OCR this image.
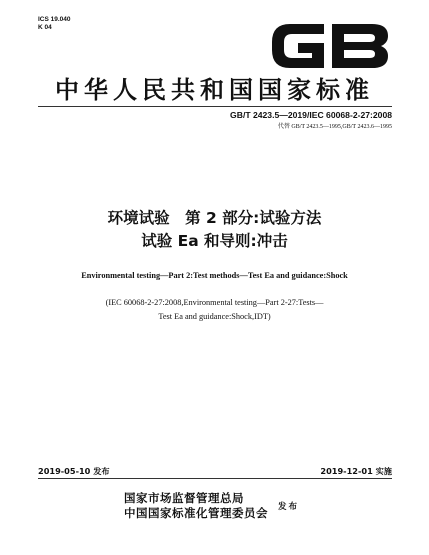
ICS 19.040
K 04
GB
中华人民共和国国家标准
GB/T 2423.5—2019/IEC 60068-2-27:2008
代替 GB/T 2423.5—1995,GB/T 2423.6—1995
环境试验　第 2 部分:试验方法
试验 Ea 和导则:冲击
Environmental testing—Part 2:Test methods—Test Ea and guidance:Shock
(IEC 60068-2-27:2008,Environmental testing—Part 2-27:Tests—
Test Ea and guidance:Shock,IDT)
2019-05-10 发布	2019-12-01 实施
国家市场监督管理总局
中国国家标准化管理委员会 发布
